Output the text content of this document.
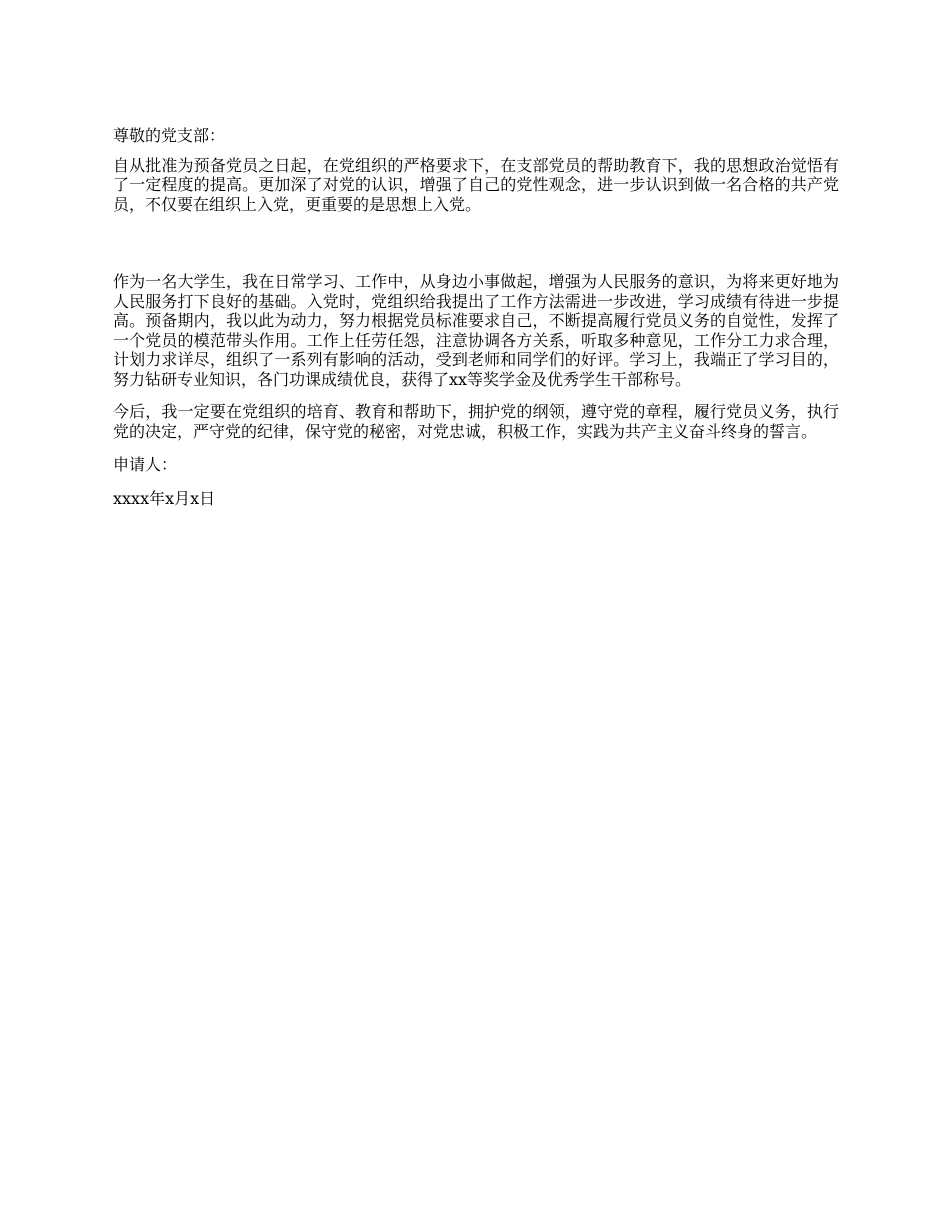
尊敬的党支部：

自从批准为预备党员之日起，在党组织的严格要求下，在支部党员的帮助教育下，我的思想政治觉悟有了一定程度的提高。更加深了对党的认识，增强了自己的党性观念，进一步认识到做一名合格的共产党员，不仅要在组织上入党，更重要的是思想上入党。

作为一名大学生，我在日常学习、工作中，从身边小事做起，增强为人民服务的意识，为将来更好地为人民服务打下良好的基础。入党时，党组织给我提出了工作方法需进一步改进，学习成绩有待进一步提高。预备期内，我以此为动力，努力根据党员标准要求自己，不断提高履行党员义务的自觉性，发挥了一个党员的模范带头作用。工作上任劳任怨，注意协调各方关系，听取多种意见，工作分工力求合理，计划力求详尽，组织了一系列有影响的活动，受到老师和同学们的好评。学习上，我端正了学习目的，努力钻研专业知识，各门功课成绩优良，获得了xx等奖学金及优秀学生干部称号。

今后，我一定要在党组织的培育、教育和帮助下，拥护党的纲领，遵守党的章程，履行党员义务，执行党的决定，严守党的纪律，保守党的秘密，对党忠诚，积极工作，实践为共产主义奋斗终身的誓言。

申请人：

xxxx年x月x日
